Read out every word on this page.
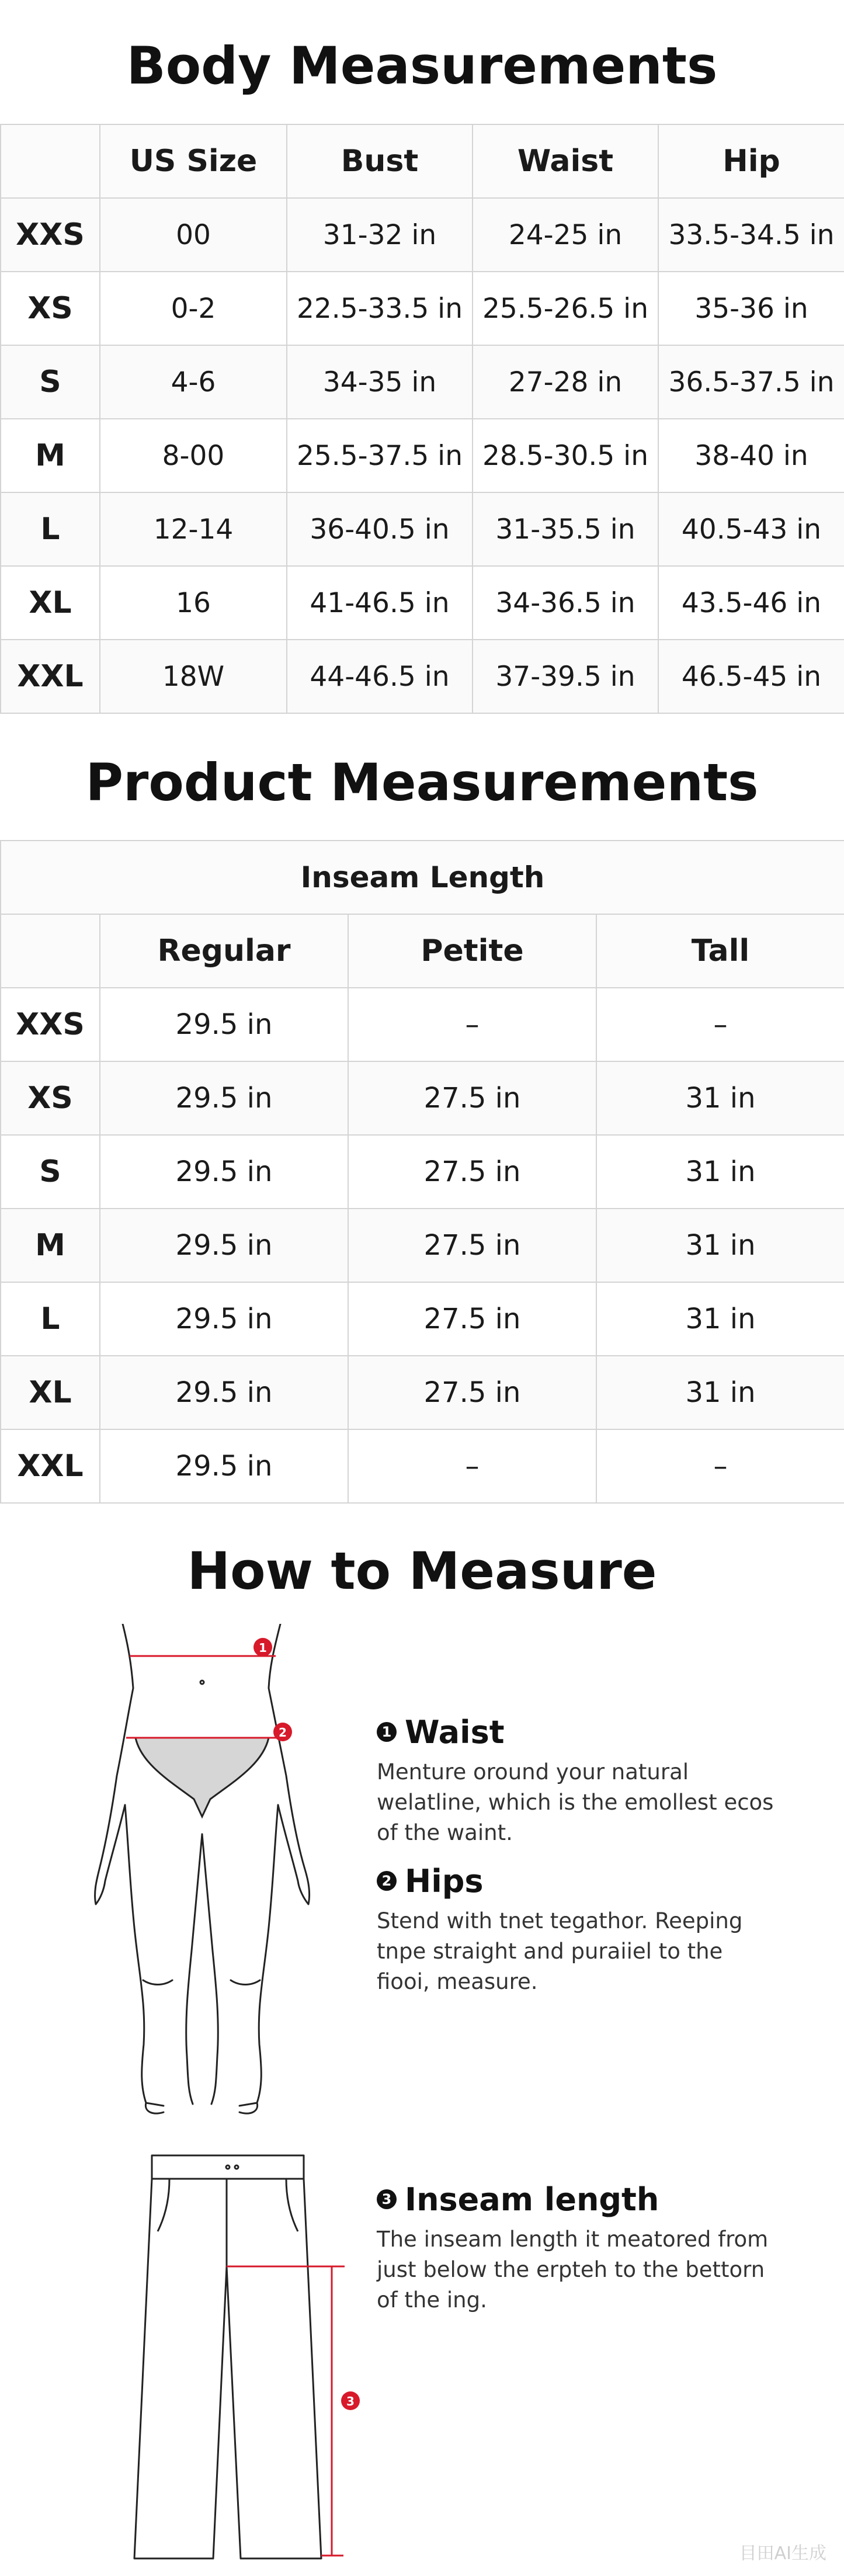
Body Measurements
	US Size	Bust	Waist	Hip
XXS	00	31-32 in	24-25 in	33.5-34.5 in
XS	0-2	22.5-33.5 in	25.5-26.5 in	35-36 in
S	4-6	34-35 in	27-28 in	36.5-37.5 in
M	8-00	25.5-37.5 in	28.5-30.5 in	38-40 in
L	12-14	36-40.5 in	31-35.5 in	40.5-43 in
XL	16	41-46.5 in	34-36.5 in	43.5-46 in
XXL	18W	44-46.5 in	37-39.5 in	46.5-45 in
Product Measurements
Inseam Length			
	Regular	Petite	Tall
XXS	29.5 in	–	–
XS	29.5 in	27.5 in	31 in
S	29.5 in	27.5 in	31 in
M	29.5 in	27.5 in	31 in
L	29.5 in	27.5 in	31 in
XL	29.5 in	27.5 in	31 in
XXL	29.5 in	–	–
How to Measure
1
2
3
1 Waist
Menture oround your natural
welatline, which is the emollest ecos
of the waint.
2 Hips
Stend with tnet tegathor. Reeping
tnpe straight and puraiiel to the
fiooi, measure.
3 Inseam length
The inseam length it meatored from
just below the erpteh to the bettorn
of the ing.
目田AI生成
